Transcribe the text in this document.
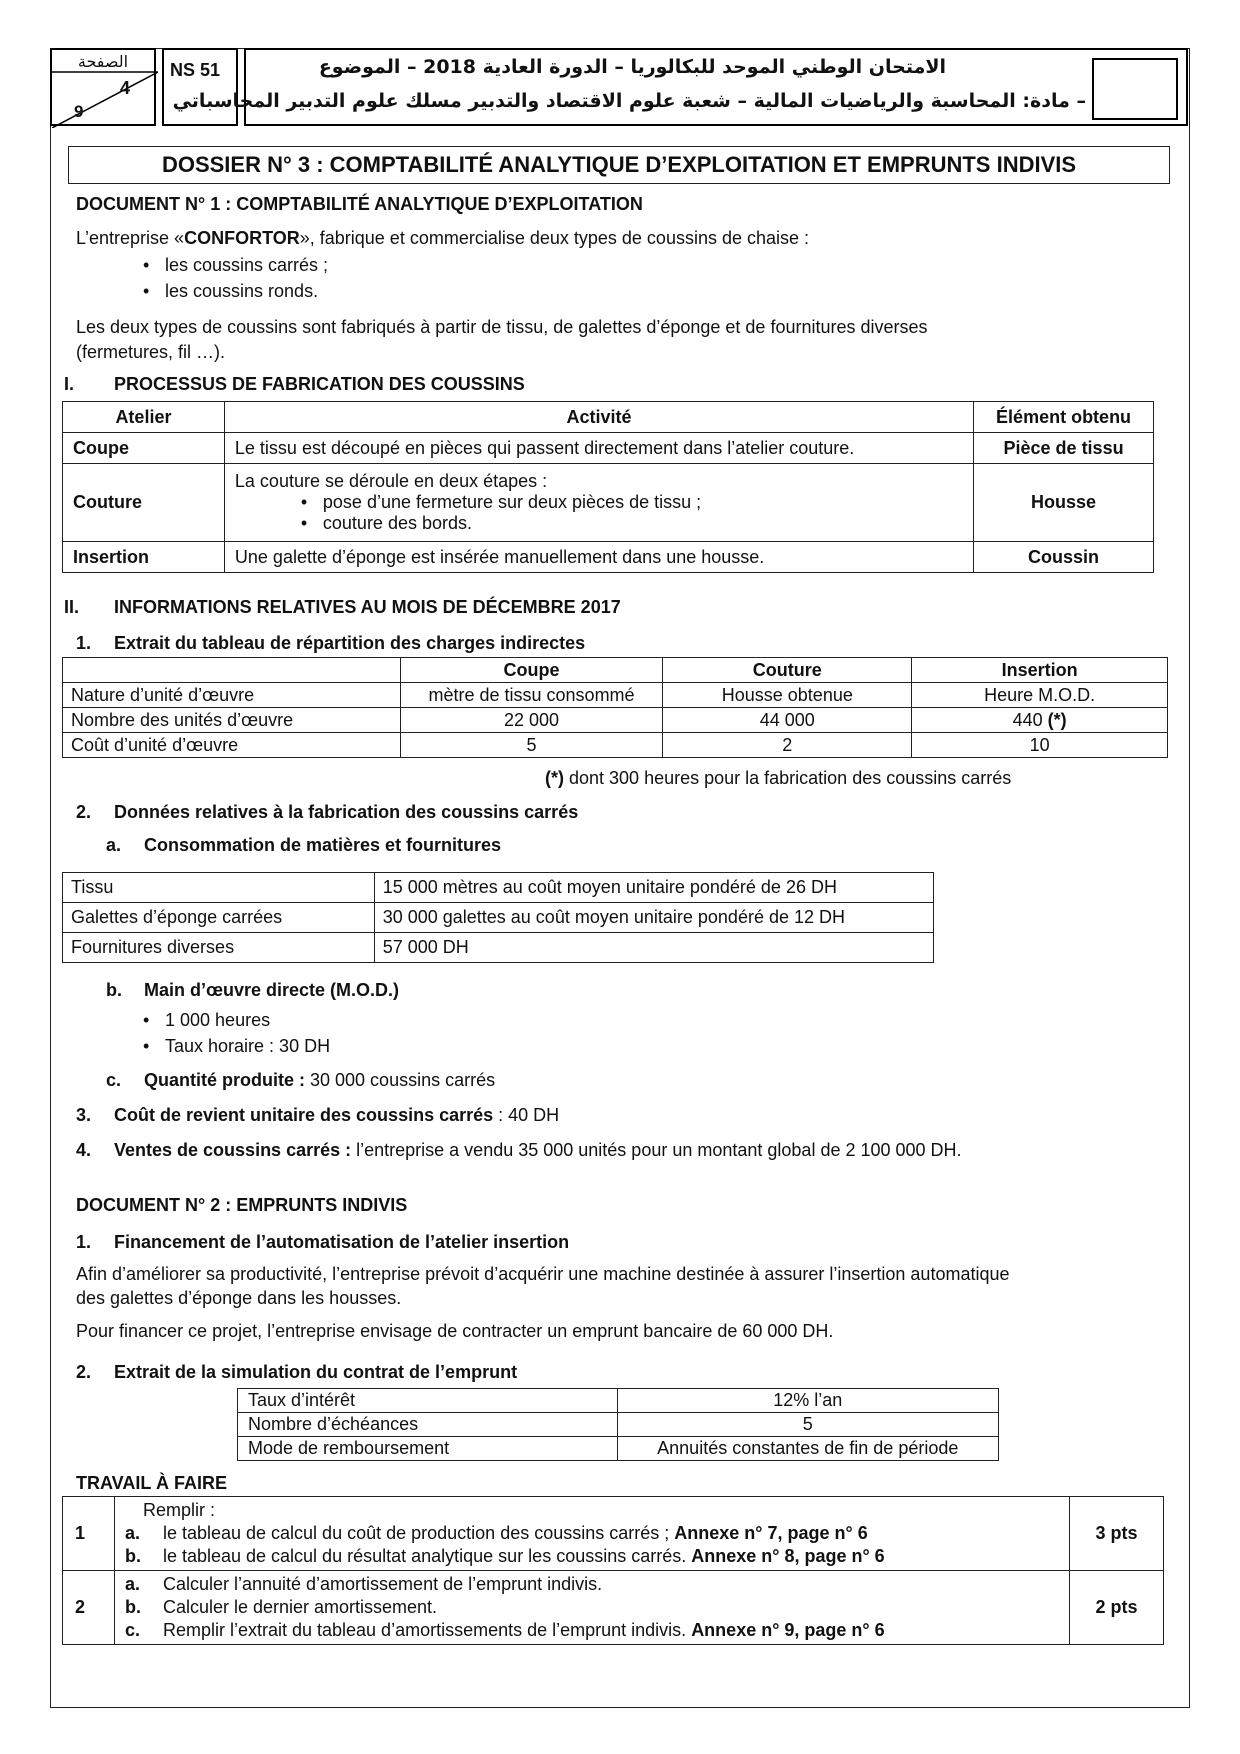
الصفحة
4
9
NS 51	الامتحان الوطني الموحد للبكالوريا – الدورة العادية 2018 – الموضوع
– مادة: المحاسبة والرياضيات المالية – شعبة علوم الاقتصاد والتدبير مسلك علوم التدبير المحاسباتي
DOSSIER N° 3 : COMPTABILITÉ ANALYTIQUE D’EXPLOITATION ET EMPRUNTS INDIVIS
DOCUMENT N° 1 : COMPTABILITÉ ANALYTIQUE D’EXPLOITATION
L’entreprise «CONFORTOR», fabrique et commercialise deux types de coussins de chaise :
• les coussins carrés ;
• les coussins ronds.
Les deux types de coussins sont fabriqués à partir de tissu, de galettes d’éponge et de fournitures diverses
(fermetures, fil …).
I. PROCESSUS DE FABRICATION DES COUSSINS
Atelier	Activité	Élément obtenu
Coupe	Le tissu est découpé en pièces qui passent directement dans l’atelier couture.	Pièce de tissu
Couture	La couture se déroule en deux étapes :
• pose d’une fermeture sur deux pièces de tissu ;
• couture des bords.	Housse
Insertion	Une galette d’éponge est insérée manuellement dans une housse.	Coussin
II. INFORMATIONS RELATIVES AU MOIS DE DÉCEMBRE 2017
1. Extrait du tableau de répartition des charges indirectes
	Coupe	Couture	Insertion
Nature d’unité d’œuvre	mètre de tissu consommé	Housse obtenue	Heure M.O.D.
Nombre des unités d’œuvre	22 000	44 000	440 (*)
Coût d’unité d’œuvre	5	2	10
(*) dont 300 heures pour la fabrication des coussins carrés
2. Données relatives à la fabrication des coussins carrés
a. Consommation de matières et fournitures
Tissu	15 000 mètres au coût moyen unitaire pondéré de 26 DH
Galettes d’éponge carrées	30 000 galettes au coût moyen unitaire pondéré de 12 DH
Fournitures diverses	57 000 DH
b. Main d’œuvre directe (M.O.D.)
• 1 000 heures
• Taux horaire : 30 DH
c. Quantité produite : 30 000 coussins carrés
3. Coût de revient unitaire des coussins carrés : 40 DH
4. Ventes de coussins carrés : l’entreprise a vendu 35 000 unités pour un montant global de 2 100 000 DH.
DOCUMENT N° 2 : EMPRUNTS INDIVIS
1. Financement de l’automatisation de l’atelier insertion
Afin d’améliorer sa productivité, l’entreprise prévoit d’acquérir une machine destinée à assurer l’insertion automatique
des galettes d’éponge dans les housses.
Pour financer ce projet, l’entreprise envisage de contracter un emprunt bancaire de 60 000 DH.
2. Extrait de la simulation du contrat de l’emprunt
Taux d’intérêt	12% l’an
Nombre d’échéances	5
Mode de remboursement	Annuités constantes de fin de période
TRAVAIL À FAIRE
1	Remplir :
a. le tableau de calcul du coût de production des coussins carrés ; Annexe n° 7, page n° 6
b. le tableau de calcul du résultat analytique sur les coussins carrés. Annexe n° 8, page n° 6	3 pts
2	a. Calculer l’annuité d’amortissement de l’emprunt indivis.
b. Calculer le dernier amortissement.
c. Remplir l’extrait du tableau d’amortissements de l’emprunt indivis. Annexe n° 9, page n° 6	2 pts
